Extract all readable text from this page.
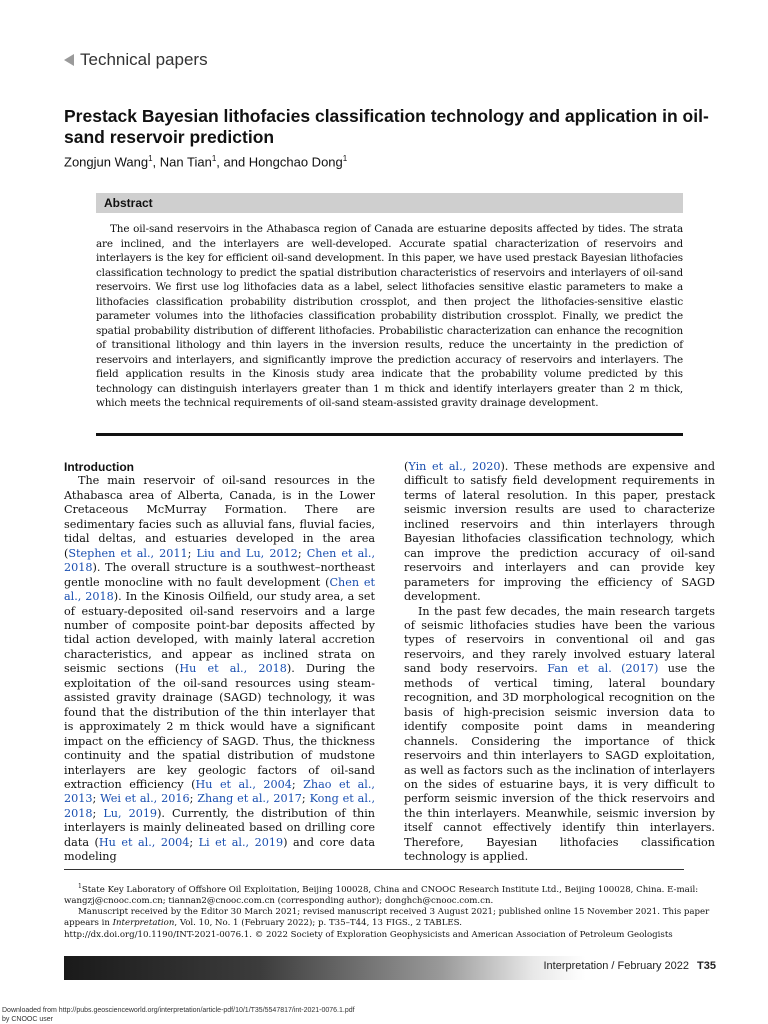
Technical papers
Prestack Bayesian lithofacies classification technology and application in oil-sand reservoir prediction
Zongjun Wang$^1$, Nan Tian$^1$, and Hongchao Dong$^1$
Abstract

The oil-sand reservoirs in the Athabasca region of Canada are estuarine deposits affected by tides. The strata are inclined, and the interlayers are well-developed. Accurate spatial characterization of reservoirs and interlayers is the key for efficient oil-sand development. In this paper, we have used prestack Bayesian lithofacies classification technology to predict the spatial distribution characteristics of reservoirs and interlayers of oil-sand reservoirs. We first use log lithofacies data as a label, select lithofacies sensitive elastic parameters to make a lithofacies classification probability distribution crossplot, and then project the lithofacies-sensitive elastic parameter volumes into the lithofacies classification probability distribution crossplot. Finally, we predict the spatial probability distribution of different lithofacies. Probabilistic characterization can enhance the recognition of transitional lithology and thin layers in the inversion results, reduce the uncertainty in the prediction of reservoirs and interlayers, and significantly improve the prediction accuracy of reservoirs and interlayers. The field application results in the Kinosis study area indicate that the probability volume predicted by this technology can distinguish interlayers greater than 1 m thick and identify interlayers greater than 2 m thick, which meets the technical requirements of oil-sand steam-assisted gravity drainage development.

Introduction

The main reservoir of oil-sand resources in the Athabasca area of Alberta, Canada, is in the Lower Cretaceous McMurray Formation. There are sedimentary facies such as alluvial fans, fluvial facies, tidal deltas, and estuaries developed in the area (Stephen et al., 2011; Liu and Lu, 2012; Chen et al., 2018). The overall structure is a southwest–northeast gentle monocline with no fault development (Chen et al., 2018). In the Kinosis Oilfield, our study area, a set of estuary-deposited oil-sand reservoirs and a large number of composite point-bar deposits affected by tidal action developed, with mainly lateral accretion characteristics, and appear as inclined strata on seismic sections (Hu et al., 2018). During the exploitation of the oil-sand resources using steam-assisted gravity drainage (SAGD) technology, it was found that the distribution of the thin interlayer that is approximately 2 m thick would have a significant impact on the efficiency of SAGD. Thus, the thickness continuity and the spatial distribution of mudstone interlayers are key geologic factors of oil-sand extraction efficiency (Hu et al., 2004; Zhao et al., 2013; Wei et al., 2016; Zhang et al., 2017; Kong et al., 2018; Lu, 2019). Currently, the distribution of thin interlayers is mainly delineated based on drilling core data (Hu et al., 2004; Li et al., 2019) and core data modeling

(Yin et al., 2020). These methods are expensive and difficult to satisfy field development requirements in terms of lateral resolution. In this paper, prestack seismic inversion results are used to characterize inclined reservoirs and thin interlayers through Bayesian lithofacies classification technology, which can improve the prediction accuracy of oil-sand reservoirs and interlayers and can provide key parameters for improving the efficiency of SAGD development.

In the past few decades, the main research targets of seismic lithofacies studies have been the various types of reservoirs in conventional oil and gas reservoirs, and they rarely involved estuary lateral sand body reservoirs. Fan et al. (2017) use the methods of vertical timing, lateral boundary recognition, and 3D morphological recognition on the basis of high-precision seismic inversion data to identify composite point dams in meandering channels. Considering the importance of thick reservoirs and thin interlayers to SAGD exploitation, as well as factors such as the inclination of interlayers on the sides of estuarine bays, it is very difficult to perform seismic inversion of the thick reservoirs and the thin interlayers. Meanwhile, seismic inversion by itself cannot effectively identify thin interlayers. Therefore, Bayesian lithofacies classification technology is applied.

$^1$State Key Laboratory of Offshore Oil Exploitation, Beijing 100028, China and CNOOC Research Institute Ltd., Beijing 100028, China. E-mail: wangzj@cnooc.com.cn; tiannan2@cnooc.com.cn (corresponding author); donghch@cnooc.com.cn.

Manuscript received by the Editor 30 March 2021; revised manuscript received 3 August 2021; published online 15 November 2021. This paper appears in Interpretation, Vol. 10, No. 1 (February 2022); p. T35–T44, 13 FIGS., 2 TABLES.

http://dx.doi.org/10.1190/INT-2021-0076.1. © 2022 Society of Exploration Geophysicists and American Association of Petroleum Geologists

Interpretation / February 2022 T35
Downloaded from http://pubs.geoscienceworld.org/interpretation/article-pdf/10/1/T35/5547817/int-2021-0076.1.pdf
by CNOOC user
